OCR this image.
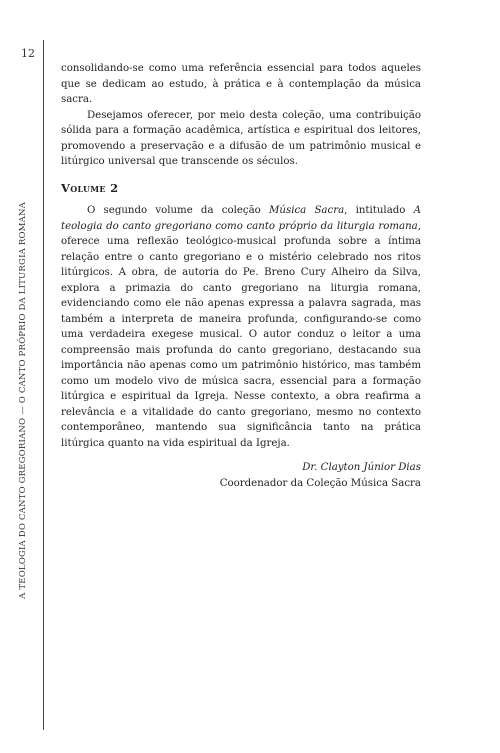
12
A TEOLOGIA DO CANTO GREGORIANO — O CANTO PRÓPRIO DA LITURGIA ROMANA

consolidando-se como uma referência essencial para todos aqueles que se dedicam ao estudo, à prática e à contemplação da música sacra.

Desejamos oferecer, por meio desta coleção, uma contribuição sólida para a formação acadêmica, artística e espiritual dos leitores, promovendo a preservação e a difusão de um patrimônio musical e litúrgico universal que transcende os séculos.

Volume 2

O segundo volume da coleção Música Sacra, intitulado A teologia do canto gregoriano como canto próprio da liturgia romana, oferece uma reflexão teológico-musical profunda sobre a íntima relação entre o canto gregoriano e o mistério celebrado nos ritos litúrgicos. A obra, de autoria do Pe. Breno Cury Alheiro da Silva, explora a primazia do canto gregoriano na liturgia romana, evidenciando como ele não apenas expressa a palavra sagrada, mas também a interpreta de maneira profunda, configurando-se como uma verdadeira exegese musical. O autor conduz o leitor a uma compreensão mais profunda do canto gregoriano, destacando sua importância não apenas como um patrimônio histórico, mas também como um modelo vivo de música sacra, essencial para a formação litúrgica e espiritual da Igreja. Nesse contexto, a obra reafirma a relevância e a vitalidade do canto gregoriano, mesmo no contexto contemporâneo, mantendo sua significância tanto na prática litúrgica quanto na vida espiritual da Igreja.

Dr. Clayton Júnior Dias
Coordenador da Coleção Música Sacra
